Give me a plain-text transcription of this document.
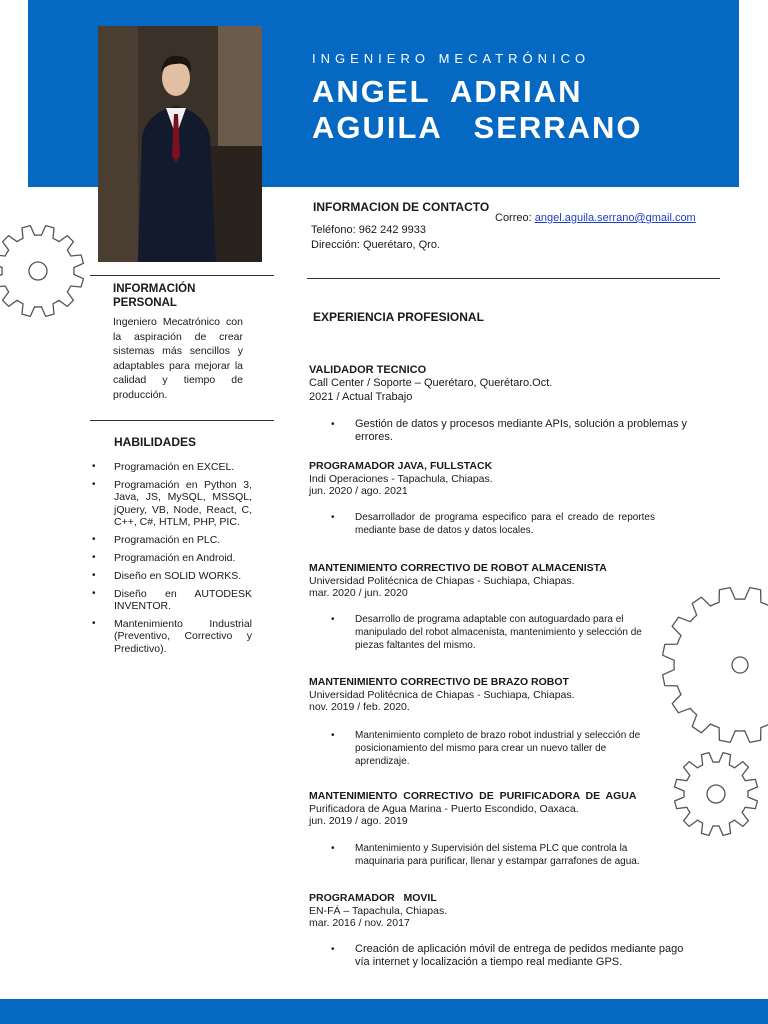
INGENIERO MECATRÓNICO
ANGEL  ADRIAN
AGUILA   SERRANO
INFORMACION DE CONTACTO
Correo: angel.aguila.serrano@gmail.com
Teléfono: 962 242 9933
Dirección: Querétaro, Qro.
INFORMACIÓN
PERSONAL
Ingeniero Mecatrónico con la aspiración de crear sistemas más sencillos y adaptables para mejorar la calidad y tiempo de producción.
HABILIDADES
• Programación en EXCEL.
• Programación en Python 3, Java, JS, MySQL, MSSQL, jQuery, VB, Node, React, C, C++, C#, HTLM, PHP, PIC.
• Programación en PLC.
• Programación en Android.
• Diseño en SOLID WORKS.
• Diseño en AUTODESK INVENTOR.
• Mantenimiento Industrial (Preventivo, Correctivo y Predictivo).
EXPERIENCIA PROFESIONAL
VALIDADOR TECNICO
Call Center / Soporte – Querétaro, Querétaro.Oct.
2021 / Actual Trabajo
• Gestión de datos y procesos mediante APIs, solución a problemas y errores.
PROGRAMADOR JAVA, FULLSTACK
Indi Operaciones - Tapachula, Chiapas.
jun. 2020 / ago. 2021
• Desarrollador de programa especifico para el creado de reportes mediante base de datos y datos locales.
MANTENIMIENTO CORRECTIVO DE ROBOT ALMACENISTA
Universidad Politécnica de Chiapas - Suchiapa, Chiapas.
mar. 2020 / jun. 2020
• Desarrollo de programa adaptable con autoguardado para el manipulado del robot almacenista, mantenimiento y selección de piezas faltantes del mismo.
MANTENIMIENTO CORRECTIVO DE BRAZO ROBOT
Universidad Politécnica de Chiapas - Suchiapa, Chiapas.
nov. 2019 / feb. 2020.
• Mantenimiento completo de brazo robot industrial y selección de posicionamiento del mismo para crear un nuevo taller de aprendizaje.
MANTENIMIENTO  CORRECTIVO  DE  PURIFICADORA  DE  AGUA
Purificadora de Agua Marina - Puerto Escondido, Oaxaca.
jun. 2019 / ago. 2019
• Mantenimiento y Supervisión del sistema PLC que controla la maquinaria para purificar, llenar y estampar garrafones de agua.
PROGRAMADOR   MOVIL
EN-FÁ – Tapachula, Chiapas.
mar. 2016 / nov. 2017
• Creación de aplicación móvil de entrega de pedidos mediante pago vía internet y localización a tiempo real mediante GPS.
